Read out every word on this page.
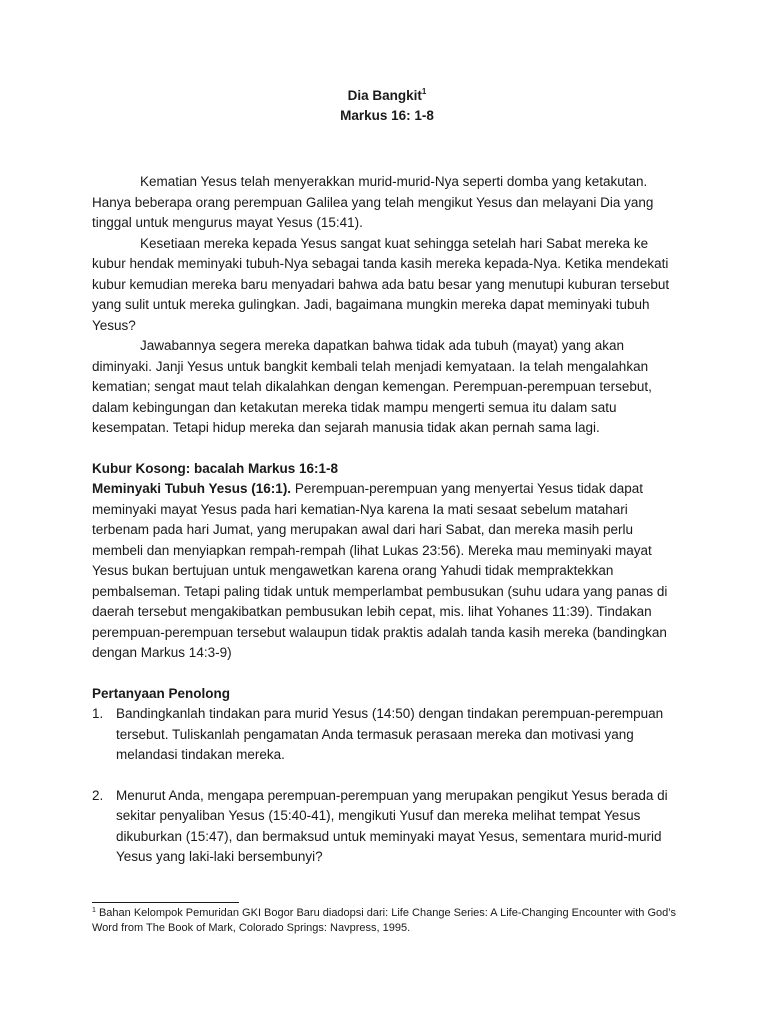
Dia Bangkit$^1$
Markus 16: 1-8

Kematian Yesus telah menyerakkan murid-murid-Nya seperti domba yang ketakutan. Hanya beberapa orang perempuan Galilea yang telah mengikut Yesus dan melayani Dia yang tinggal untuk mengurus mayat Yesus (15:41).

Kesetiaan mereka kepada Yesus sangat kuat sehingga setelah hari Sabat mereka ke kubur hendak meminyaki tubuh-Nya sebagai tanda kasih mereka kepada-Nya. Ketika mendekati kubur kemudian mereka baru menyadari bahwa ada batu besar yang menutupi kuburan tersebut yang sulit untuk mereka gulingkan. Jadi, bagaimana mungkin mereka dapat meminyaki tubuh Yesus?

Jawabannya segera mereka dapatkan bahwa tidak ada tubuh (mayat) yang akan diminyaki. Janji Yesus untuk bangkit kembali telah menjadi kemyataan. Ia telah mengalahkan kematian; sengat maut telah dikalahkan dengan kemengan. Perempuan-perempuan tersebut, dalam kebingungan dan ketakutan mereka tidak mampu mengerti semua itu dalam satu kesempatan. Tetapi hidup mereka dan sejarah manusia tidak akan pernah sama lagi.

Kubur Kosong: bacalah Markus 16:1-8

Meminyaki Tubuh Yesus (16:1). Perempuan-perempuan yang menyertai Yesus tidak dapat meminyaki mayat Yesus pada hari kematian-Nya karena Ia mati sesaat sebelum matahari terbenam pada hari Jumat, yang merupakan awal dari hari Sabat, dan mereka masih perlu membeli dan menyiapkan rempah-rempah (lihat Lukas 23:56). Mereka mau meminyaki mayat Yesus bukan bertujuan untuk mengawetkan karena orang Yahudi tidak mempraktekkan pembalseman. Tetapi paling tidak untuk memperlambat pembusukan (suhu udara yang panas di daerah tersebut mengakibatkan pembusukan lebih cepat, mis. lihat Yohanes 11:39). Tindakan perempuan-perempuan tersebut walaupun tidak praktis adalah tanda kasih mereka (bandingkan dengan Markus 14:3-9)

Pertanyaan Penolong

1. Bandingkanlah tindakan para murid Yesus (14:50) dengan tindakan perempuan-perempuan tersebut. Tuliskanlah pengamatan Anda termasuk perasaan mereka dan motivasi yang melandasi tindakan mereka.
2. Menurut Anda, mengapa perempuan-perempuan yang merupakan pengikut Yesus berada di sekitar penyaliban Yesus (15:40-41), mengikuti Yusuf dan mereka melihat tempat Yesus dikuburkan (15:47), dan bermaksud untuk meminyaki mayat Yesus, sementara murid-murid Yesus yang laki-laki bersembunyi?
$^1$ Bahan Kelompok Pemuridan GKI Bogor Baru diadopsi dari: Life Change Series: A Life-Changing Encounter with God’s Word from The Book of Mark, Colorado Springs: Navpress, 1995.
